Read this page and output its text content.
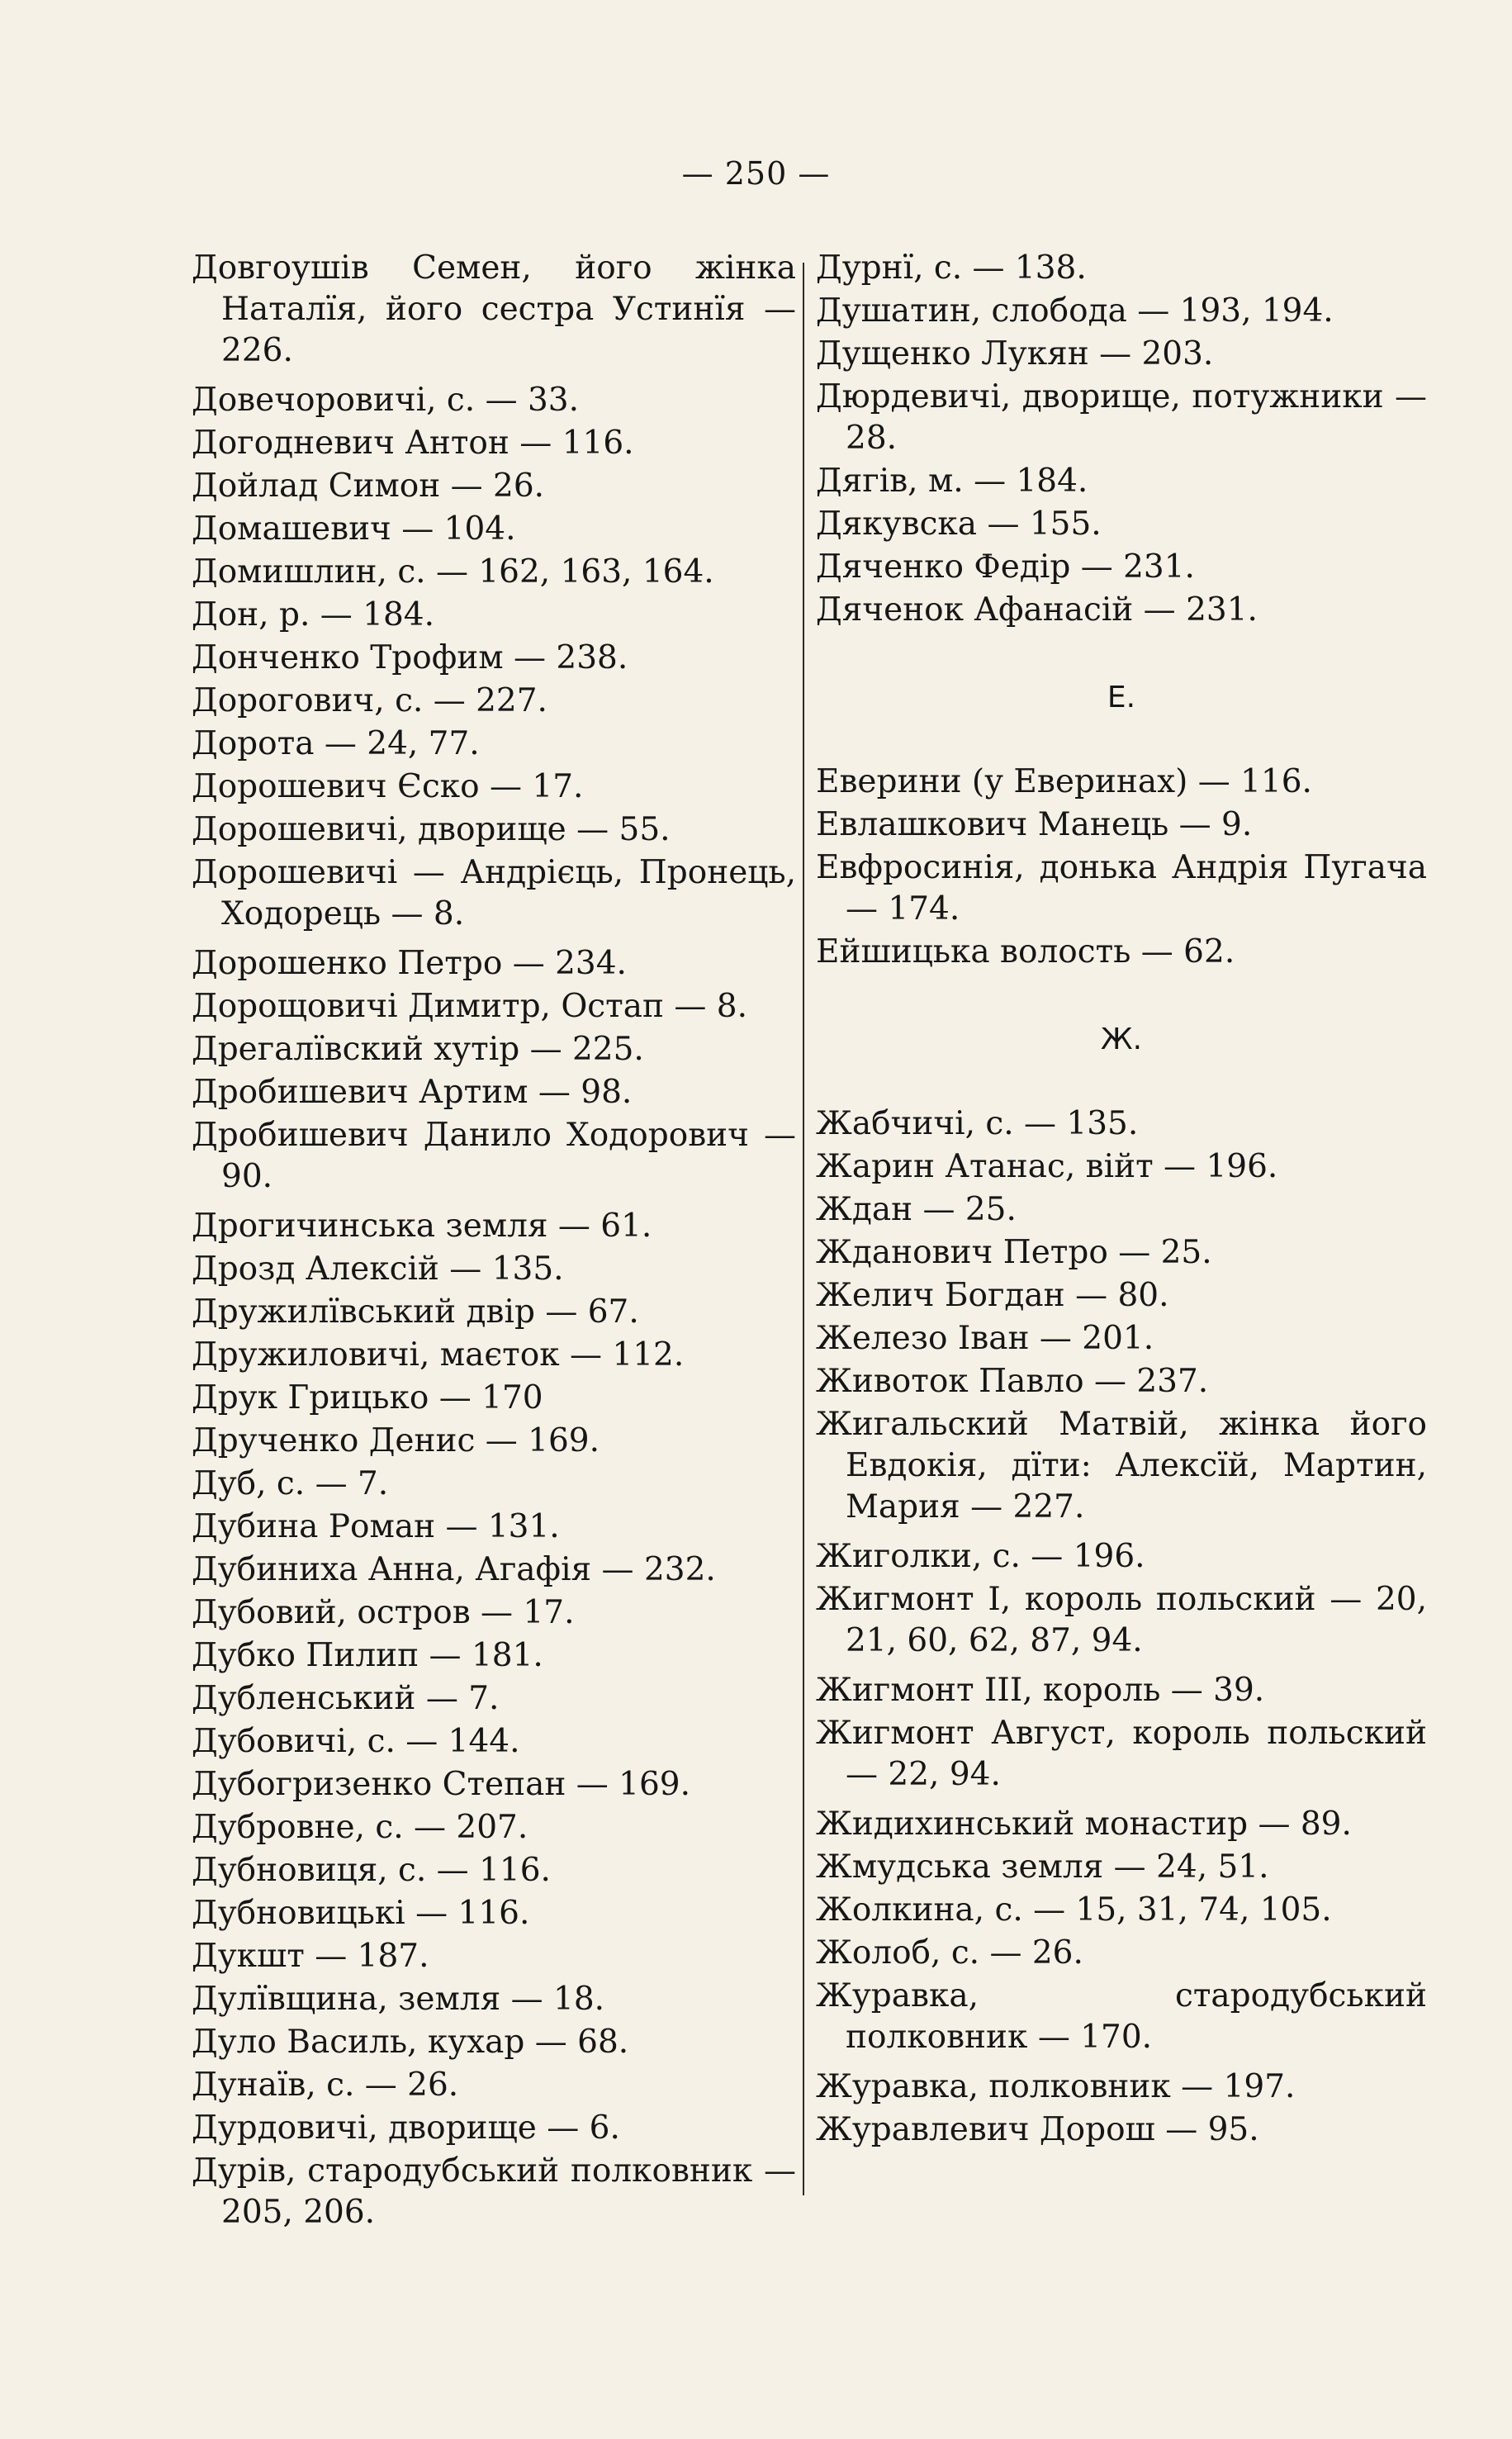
— 250 —

Довгоушів Семен, його жінка Наталїя, його сестра Устинїя — 226.

Довечоровичі, с. — 33.

Догодневич Антон — 116.

Дойлад Симон — 26.

Домашевич — 104.

Домишлин, с. — 162, 163, 164.

Дон, р. — 184.

Донченко Трофим — 238.

Дорогович, с. — 227.

Дорота — 24, 77.

Дорошевич Єско — 17.

Дорошевичі, дворище — 55.

Дорошевичі — Андрієць, Пронець, Ходорець — 8.

Дорошенко Петро — 234.

Дорощовичі Димитр, Остап — 8.

Дрегалївский хутір — 225.

Дробишевич Артим — 98.

Дробишевич Данило Ходорович — 90.

Дрогичинська земля — 61.

Дрозд Алексій — 135.

Дружилївський двір — 67.

Дружиловичі, маєток — 112.

Друк Грицько — 170

Друченко Денис — 169.

Дуб, с. — 7.

Дубина Роман — 131.

Дубиниха Анна, Агафія — 232.

Дубовий, остров — 17.

Дубко Пилип — 181.

Дубленський — 7.

Дубовичі, с. — 144.

Дубогризенко Степан — 169.

Дубровне, с. — 207.

Дубновиця, с. — 116.

Дубновицькі — 116.

Дукшт — 187.

Дулївщина, земля — 18.

Дуло Василь, кухар — 68.

Дунаїв, с. — 26.

Дурдовичі, дворище — 6.

Дурів, стародубський полковник — 205, 206.

Дурнї, с. — 138.

Душатин, слобода — 193, 194.

Дущенко Лукян — 203.

Дюрдевичі, дворище, потужники — 28.

Дягів, м. — 184.

Дякувска — 155.

Дяченко Федір — 231.

Дяченок Афанасій — 231.

Е.

Еверини (у Евеpинах) — 116.

Евлашкович Манець — 9.

Евфросинія, донька Андрія Пугача — 174.

Ейшицька волость — 62.

Ж.

Жабчичі, с. — 135.

Жарин Атанас, війт — 196.

Ждан — 25.

Жданович Петро — 25.

Желич Богдан — 80.

Железо Іван — 201.

Животок Павло — 237.

Жигальский Матвій, жінка його Евдокія, дїти: Алексїй, Мартин, Мария — 227.

Жиголки, с. — 196.

Жигмонт I, король польский — 20, 21, 60, 62, 87, 94.

Жигмонт III, король — 39.

Жигмонт Август, король польский — 22, 94.

Жидихинський монастир — 89.

Жмудська земля — 24, 51.

Жолкина, с. — 15, 31, 74, 105.

Жолоб, с. — 26.

Журавка, стародубський полковник — 170.

Журавка, полковник — 197.

Журавлевич Дорош — 95.
